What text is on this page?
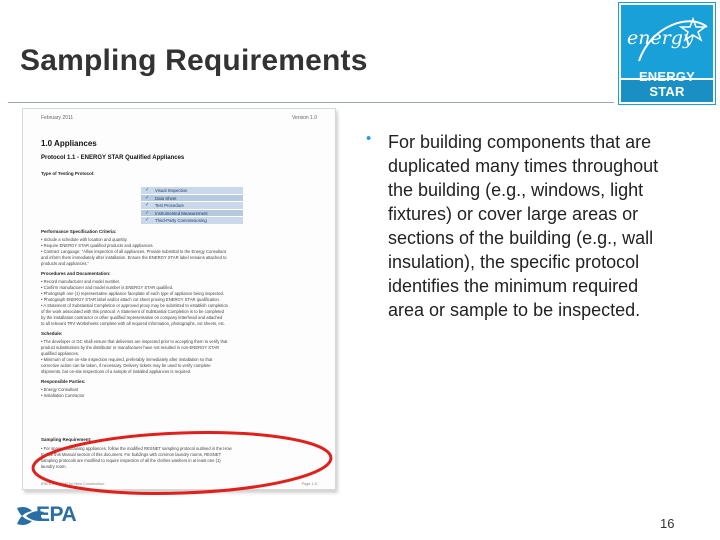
Sampling Requirements
energy
ENERGY STAR
February 2011	Version 1.0
1.0 Appliances
Protocol 1.1 - ENERGY STAR Qualified Appliances
Type of Testing Protocol:
✓ Visual Inspection
✓ Data Sheet
✓ Test Procedure
✓ Instrumented Measurement
✓ Third-Party Commissioning
Performance Specification Criteria:
• Include a schedule with location and quantity.
• Require ENERGY STAR qualified products and appliances.
• Contract Language: "Allow inspection of all appliances. Provide submittal to the Energy Consultant
and inform them immediately after installation. Ensure the ENERGY STAR label remains attached to
products and appliances."
Procedures and Documentation:
• Record manufacturer and model number.
• Confirm manufacturer and model number is ENERGY STAR qualified.
• Photograph one (1) representative appliance faceplate of each type of appliance being inspected.
• Photograph ENERGY STAR label and/or attach cut sheet proving ENERGY STAR qualification.
• A Statement of Substantial Completion or approved proxy may be submitted to establish completion
of the work associated with this protocol. A Statement of Substantial Completion is to be completed
by the installation contractor or other qualified representative on company letterhead and attached
to all relevant TRV Worksheets complete with all required information, photographs, cut sheets, etc.
Schedule:
• The developer or GC shall ensure that deliveries are inspected prior to accepting them to verify that
product substitutions by the distributor or manufacturer have not resulted in non-ENERGY STAR
qualified appliances.
• Minimum of one on-site inspection required, preferably immediately after installation so that
corrective action can be taken, if necessary. Delivery tickets may be used to verify complete
shipments, but on-site inspections of a sample of installed appliances is required.
Responsible Parties:
• Energy Consultant
• Installation Contractor
Sampling Requirement:
• For spaces containing appliances, follow the modified RESNET sampling protocol outlined in the How
to Use this Manual section of this document. For buildings with common laundry rooms, RESNET
sampling protocols are modified to require inspection of all the clothes washers in at least one (1)
laundry room.
ENERGY STAR for New Construction	Page 1-5
• For building components that are duplicated many times throughout the building (e.g., windows, light fixtures) or cover large areas or sections of the building (e.g., wall insulation), the specific protocol identifies the minimum required area or sample to be inspected.
EPA	16
